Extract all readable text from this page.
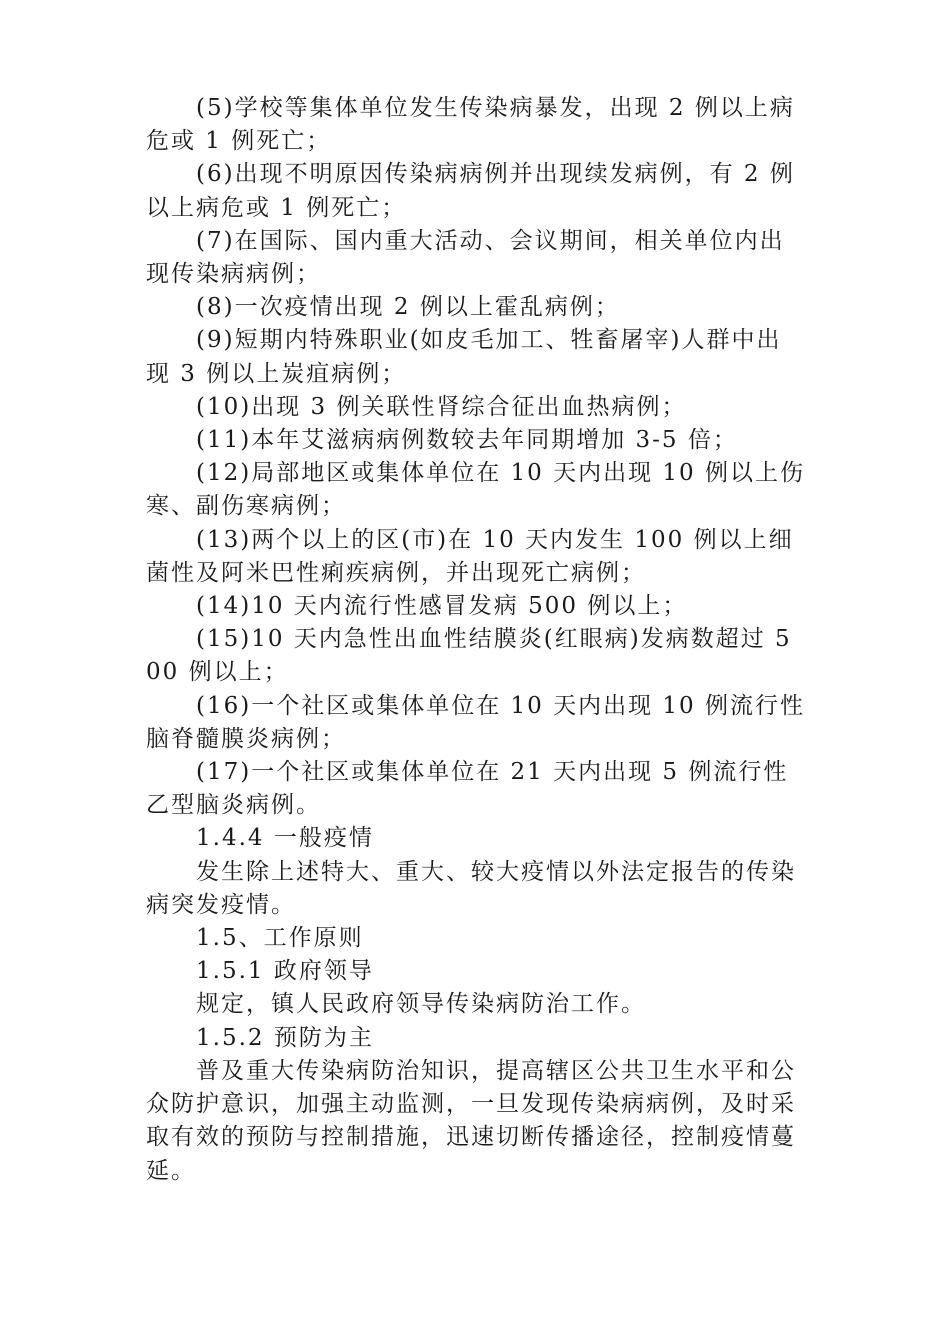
(5)学校等集体单位发生传染病暴发，出现 2 例以上病危或 1 例死亡；

(6)出现不明原因传染病病例并出现续发病例，有 2 例以上病危或 1 例死亡；

(7)在国际、国内重大活动、会议期间，相关单位内出现传染病病例；

(8)一次疫情出现 2 例以上霍乱病例；

(9)短期内特殊职业(如皮毛加工、牲畜屠宰)人群中出现 3 例以上炭疽病例；

(10)出现 3 例关联性肾综合征出血热病例；

(11)本年艾滋病病例数较去年同期增加 3-5 倍；

(12)局部地区或集体单位在 10 天内出现 10 例以上伤寒、副伤寒病例；

(13)两个以上的区(市)在 10 天内发生 100 例以上细菌性及阿米巴性痢疾病例，并出现死亡病例；

(14)10 天内流行性感冒发病 500 例以上；

(15)10 天内急性出血性结膜炎(红眼病)发病数超过 500 例以上；

(16)一个社区或集体单位在 10 天内出现 10 例流行性脑脊髓膜炎病例；

(17)一个社区或集体单位在 21 天内出现 5 例流行性乙型脑炎病例。

1.4.4 一般疫情

发生除上述特大、重大、较大疫情以外法定报告的传染病突发疫情。

1.5、工作原则

1.5.1 政府领导

规定，镇人民政府领导传染病防治工作。

1.5.2 预防为主

普及重大传染病防治知识，提高辖区公共卫生水平和公众防护意识，加强主动监测，一旦发现传染病病例，及时采取有效的预防与控制措施，迅速切断传播途径，控制疫情蔓延。
